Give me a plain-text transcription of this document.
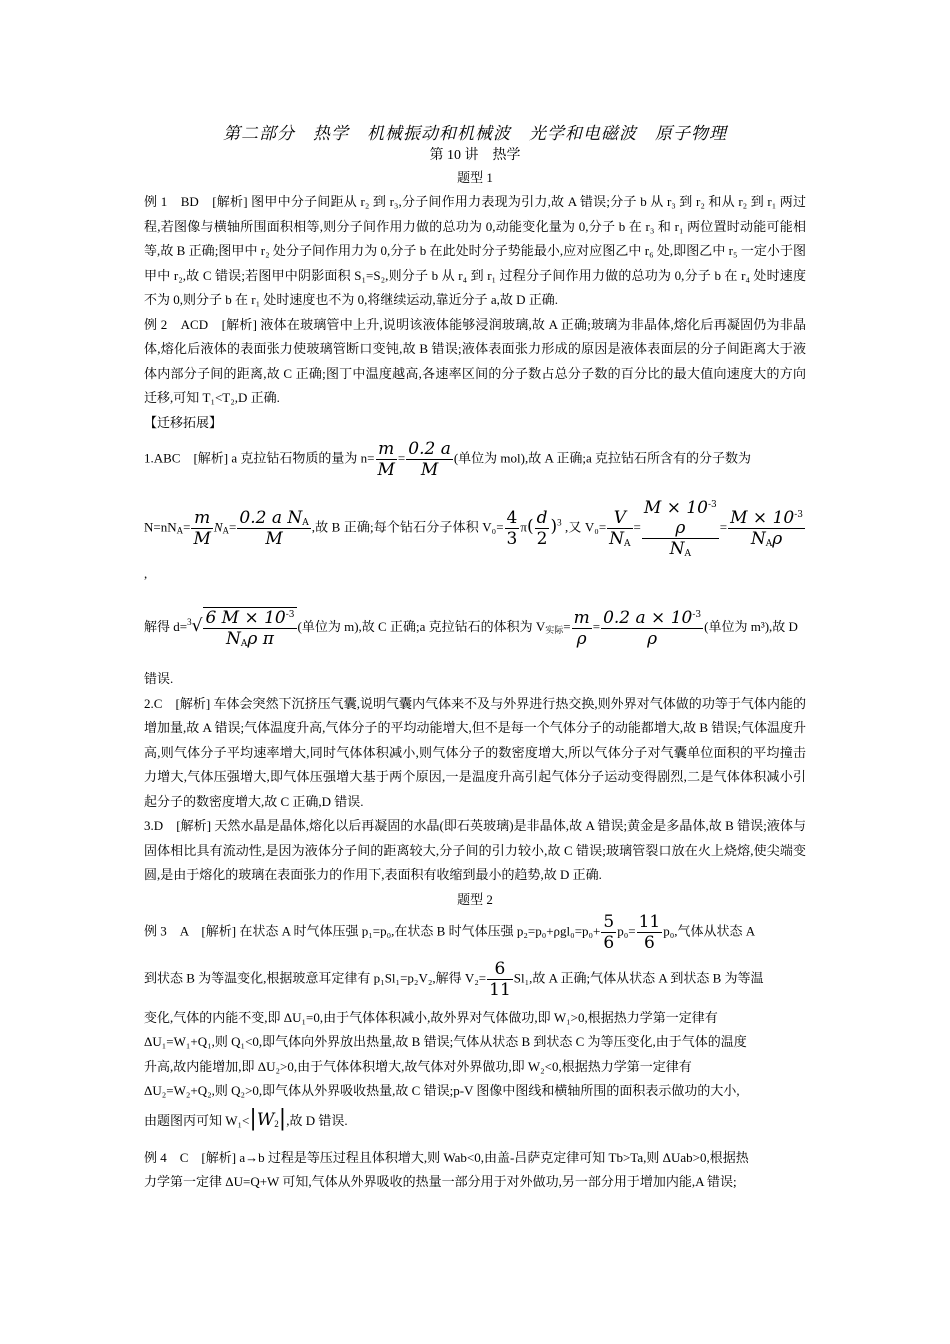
第二部分　热学　机械振动和机械波　光学和电磁波　原子物理

第 10 讲　热学

题型 1

例 1　BD　[解析] 图甲中分子间距从 r₂ 到 r₃,分子间作用力表现为引力,故 A 错误;分子 b 从 r₃ 到 r₂ 和从 r₂ 到 r₁ 两过程,若图像与横轴所围面积相等,则分子间作用力做的总功为 0,动能变化量为 0,分子 b 在 r₃ 和 r₁ 两位置时动能可能相等,故 B 正确;图甲中 r₂ 处分子间作用力为 0,分子 b 在此处时分子势能最小,应对应图乙中 r₆ 处,即图乙中 r₅ 一定小于图甲中 r₂,故 C 错误;若图甲中阴影面积 S₁=S₂,则分子 b 从 r₄ 到 r₁ 过程分子间作用力做的总功为 0,分子 b 在 r₄ 处时速度不为 0,则分子 b 在 r₁ 处时速度也不为 0,将继续运动,靠近分子 a,故 D 正确.

例 2　ACD　[解析] 液体在玻璃管中上升,说明该液体能够浸润玻璃,故 A 正确;玻璃为非晶体,熔化后再凝固仍为非晶体,熔化后液体的表面张力使玻璃管断口变钝,故 B 错误;液体表面张力形成的原因是液体表面层的分子间距离大于液体内部分子间的距离,故 C 正确;图丁中温度越高,各速率区间的分子数占总分子数的百分比的最大值向速度大的方向迁移,可知 T₁<T₂,D 正确.

【迁移拓展】

1.ABC　[解析] a 克拉钻石物质的量为 $n= \frac{m}{M} = \frac{0.2 a}{M}$ (单位为 mol),故 A 正确;a 克拉钻石所含有的分子数为

$N=nN_A= \frac{m}{M} N_A= \frac{0.2 a N_A}{M}$ ,故 B 正确;每个钻石分子体积 $V_0= \frac{4}{3} \pi( \frac{d}{2} )^3$ ,又 $V_0= \frac{V}{N_A}$ =
$M \times 10^{-3}$
ρ
$N_A$
= $\frac{M \times 10^{-3}}{N_A\rho}$
,

解得 $d=^3√ \frac{6 M \times 10^{-3}}{N_A\rho \pi}$ (单位为 m),故 C 正确;a 克拉钻石的体积为 $V_{实际}= \frac{m}{\rho} = \frac{0.2 a \times 10^{-3}}{\rho}$ (单位为 m³),故 D

错误.

2.C　[解析] 车体会突然下沉挤压气囊,说明气囊内气体来不及与外界进行热交换,则外界对气体做的功等于气体内能的增加量,故 A 错误;气体温度升高,气体分子的平均动能增大,但不是每一个气体分子的动能都增大,故 B 错误;气体温度升高,则气体分子平均速率增大,同时气体体积减小,则气体分子的数密度增大,所以气体分子对气囊单位面积的平均撞击力增大,气体压强增大,即气体压强增大基于两个原因,一是温度升高引起气体分子运动变得剧烈,二是气体体积减小引起分子的数密度增大,故 C 正确,D 错误.

3.D　[解析] 天然水晶是晶体,熔化以后再凝固的水晶(即石英玻璃)是非晶体,故 A 错误;黄金是多晶体,故 B 错误;液体与固体相比具有流动性,是因为液体分子间的距离较大,分子间的引力较小,故 C 错误;玻璃管裂口放在火上烧熔,使尖端变圆,是由于熔化的玻璃在表面张力的作用下,表面积有收缩到最小的趋势,故 D 正确.

题型 2

例 3　A　[解析] 在状态 A 时气体压强 p₁=p₀,在状态 B 时气体压强 $p_2=p_0+\rho gl_0=p_0+ \frac{5}{6} p_0= \frac{11}{6} p_0$,气体从状态 A

到状态 B 为等温变化,根据玻意耳定律有 p₁Sl₁=p₂V₂,解得 $V_2= \frac{6}{11} Sl_1$,故 A 正确;气体从状态 A 到状态 B 为等温

变化,气体的内能不变,即 ΔU₁=0,由于气体体积减小,故外界对气体做功,即 W₁>0,根据热力学第一定律有

ΔU₁=W₁+Q₁,则 Q₁<0,即气体向外界放出热量,故 B 错误;气体从状态 B 到状态 C 为等压变化,由于气体的温度

升高,故内能增加,即 ΔU₂>0,由于气体体积增大,故气体对外界做功,即 W₂<0,根据热力学第一定律有

ΔU₂=W₂+Q₂,则 Q₂>0,即气体从外界吸收热量,故 C 错误;p-V 图像中图线和横轴所围的面积表示做功的大小,

由题图丙可知 $W_1<|W_2|$,故 D 错误.

例 4　C　[解析] a→b 过程是等压过程且体积增大,则 Wab<0,由盖-吕萨克定律可知 Tb>Ta,则 ΔUab>0,根据热

力学第一定律 ΔU=Q+W 可知,气体从外界吸收的热量一部分用于对外做功,另一部分用于增加内能,A 错误;
